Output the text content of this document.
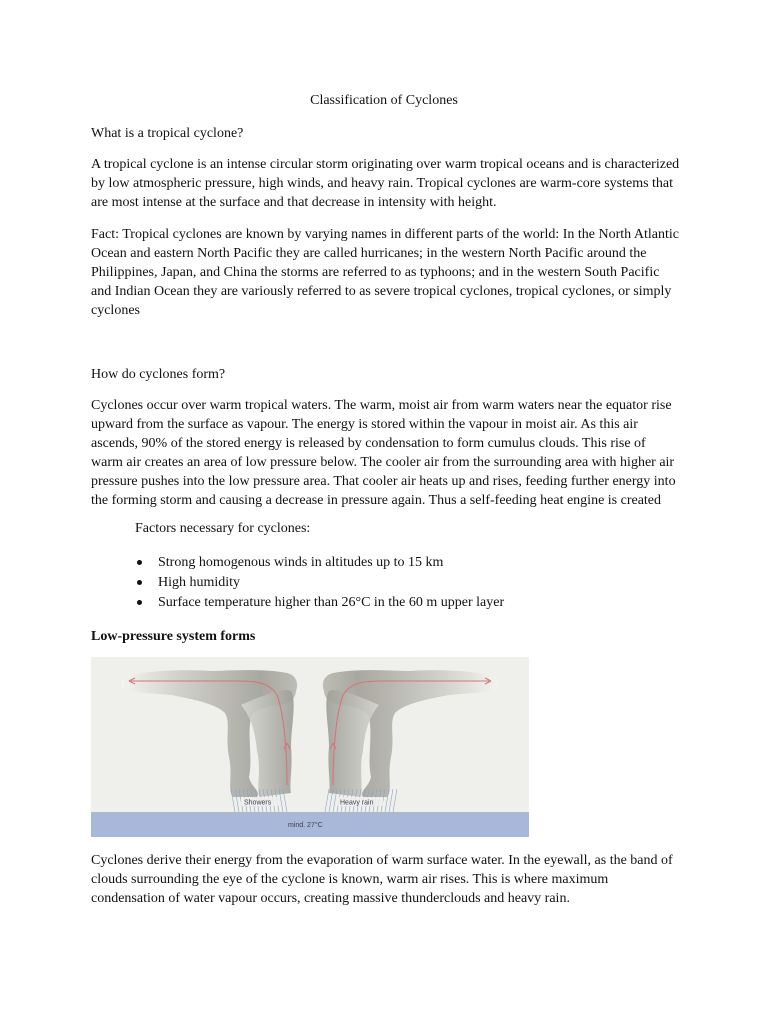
Classification of Cyclones

What is a tropical cyclone?

A tropical cyclone is an intense circular storm originating over warm tropical oceans and is characterized by low atmospheric pressure, high winds, and heavy rain. Tropical cyclones are warm-core systems that are most intense at the surface and that decrease in intensity with height.

Fact: Tropical cyclones are known by varying names in different parts of the world: In the North Atlantic Ocean and eastern North Pacific they are called hurricanes; in the western North Pacific around the Philippines, Japan, and China the storms are referred to as typhoons; and in the western South Pacific and Indian Ocean they are variously referred to as severe tropical cyclones, tropical cyclones, or simply cyclones

How do cyclones form?

Cyclones occur over warm tropical waters. The warm, moist air from warm waters near the equator rise upward from the surface as vapour. The energy is stored within the vapour in moist air. As this air ascends, 90% of the stored energy is released by condensation to form cumulus clouds. This rise of warm air creates an area of low pressure below. The cooler air from the surrounding area with higher air pressure pushes into the low pressure area. That cooler air heats up and rises, feeding further energy into the forming storm and causing a decrease in pressure again. Thus a self-feeding heat engine is created

Factors necessary for cyclones:
Strong homogenous winds in altitudes up to 15 km
High humidity
Surface temperature higher than 26°C in the 60 m upper layer

Low-pressure system forms

Showers	Heavy rain
mind. 27°C

Cyclones derive their energy from the evaporation of warm surface water. In the eyewall, as the band of clouds surrounding the eye of the cyclone is known, warm air rises. This is where maximum condensation of water vapour occurs, creating massive thunderclouds and heavy rain.
